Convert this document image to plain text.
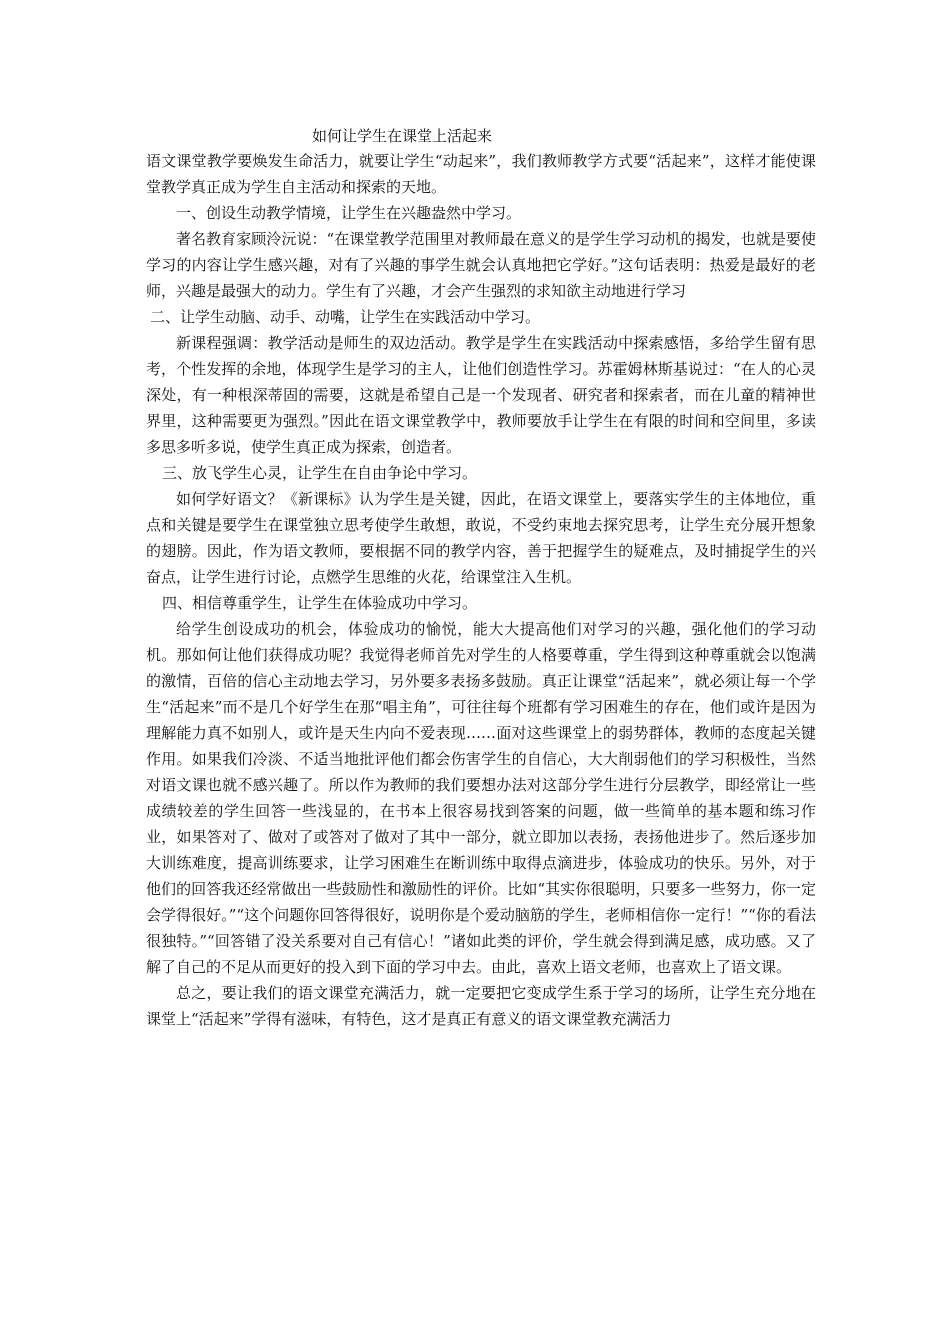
如何让学生在课堂上活起来

语文课堂教学要焕发生命活力，就要让学生“动起来”，我们教师教学方式要“活起来”，这样才能使课堂教学真正成为学生自主活动和探索的天地。

一、创设生动教学情境，让学生在兴趣盎然中学习。

著名教育家顾泠沅说：“在课堂教学范围里对教师最在意义的是学生学习动机的揭发，也就是要使学习的内容让学生感兴趣，对有了兴趣的事学生就会认真地把它学好。”这句话表明：热爱是最好的老师，兴趣是最强大的动力。学生有了兴趣，才会产生强烈的求知欲主动地进行学习

二、让学生动脑、动手、动嘴，让学生在实践活动中学习。

新课程强调：教学活动是师生的双边活动。教学是学生在实践活动中探索感悟，多给学生留有思考，个性发挥的余地，体现学生是学习的主人，让他们创造性学习。苏霍姆林斯基说过：“在人的心灵深处，有一种根深蒂固的需要，这就是希望自己是一个发现者、研究者和探索者，而在儿童的精神世界里，这种需要更为强烈。”因此在语文课堂教学中，教师要放手让学生在有限的时间和空间里，多读多思多听多说，使学生真正成为探索，创造者。

三、放飞学生心灵，让学生在自由争论中学习。

如何学好语文？《新课标》认为学生是关键，因此，在语文课堂上，要落实学生的主体地位，重点和关键是要学生在课堂独立思考使学生敢想，敢说，不受约束地去探究思考，让学生充分展开想象的翅膀。因此，作为语文教师，要根据不同的教学内容，善于把握学生的疑难点，及时捕捉学生的兴奋点，让学生进行讨论，点燃学生思维的火花，给课堂注入生机。

四、相信尊重学生，让学生在体验成功中学习。

给学生创设成功的机会，体验成功的愉悦，能大大提高他们对学习的兴趣，强化他们的学习动机。那如何让他们获得成功呢？我觉得老师首先对学生的人格要尊重，学生得到这种尊重就会以饱满的激情，百倍的信心主动地去学习，另外要多表扬多鼓励。真正让课堂“活起来”，就必须让每一个学生“活起来”而不是几个好学生在那“唱主角”，可往往每个班都有学习困难生的存在，他们或许是因为理解能力真不如别人，或许是天生内向不爱表现……面对这些课堂上的弱势群体，教师的态度起关键作用。如果我们冷淡、不适当地批评他们都会伤害学生的自信心，大大削弱他们的学习积极性，当然对语文课也就不感兴趣了。所以作为教师的我们要想办法对这部分学生进行分层教学，即经常让一些成绩较差的学生回答一些浅显的，在书本上很容易找到答案的问题，做一些简单的基本题和练习作业，如果答对了、做对了或答对了做对了其中一部分，就立即加以表扬，表扬他进步了。然后逐步加大训练难度，提高训练要求，让学习困难生在断训练中取得点滴进步，体验成功的快乐。另外，对于他们的回答我还经常做出一些鼓励性和激励性的评价。比如“其实你很聪明，只要多一些努力，你一定会学得很好。”“这个问题你回答得很好，说明你是个爱动脑筋的学生，老师相信你一定行！”“你的看法很独特。”“回答错了没关系要对自己有信心！”诸如此类的评价，学生就会得到满足感，成功感。又了解了自己的不足从而更好的投入到下面的学习中去。由此，喜欢上语文老师，也喜欢上了语文课。

总之，要让我们的语文课堂充满活力，就一定要把它变成学生系于学习的场所，让学生充分地在课堂上“活起来”学得有滋味，有特色，这才是真正有意义的语文课堂教充满活力
